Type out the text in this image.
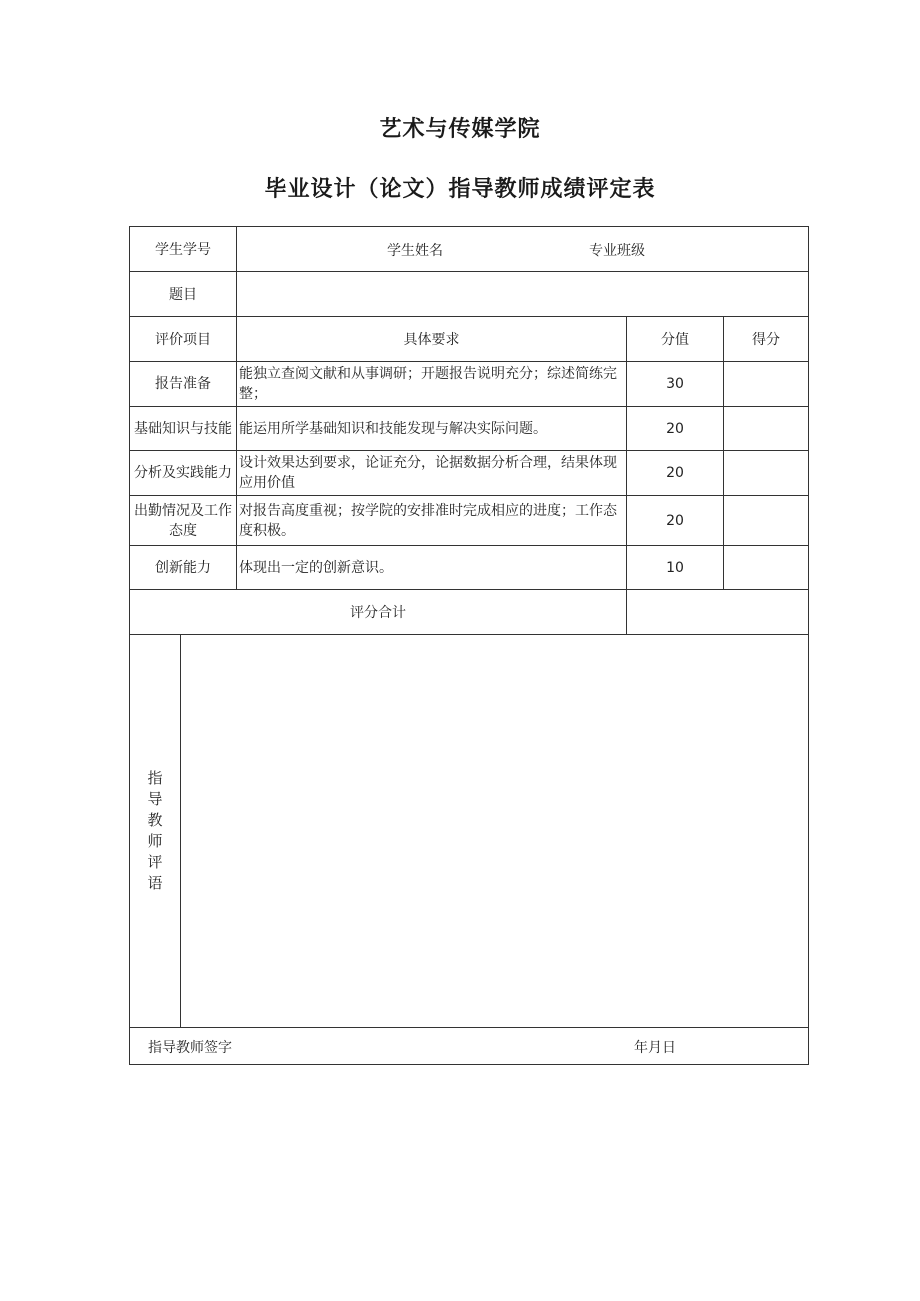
艺术与传媒学院
毕业设计（论文）指导教师成绩评定表
学生学号		学生姓名 专业班级		

题目				
评价项目		具体要求	分值	得分
报告准备		能独立查阅文献和从事调研；开题报告说明充分；综述简练完整；	30	
基础知识与技能		能运用所学基础知识和技能发现与解决实际问题。	20	
分析及实践能力		设计效果达到要求，论证充分，论据数据分析合理，结果体现应用价值	20	
出勤情况及工作态度		对报告高度重视；按学院的安排准时完成相应的进度；工作态度积极。	20	
创新能力		体现出一定的创新意识。	10	
评分合计				

指导教师评语				

指导教师签字 年月日				
